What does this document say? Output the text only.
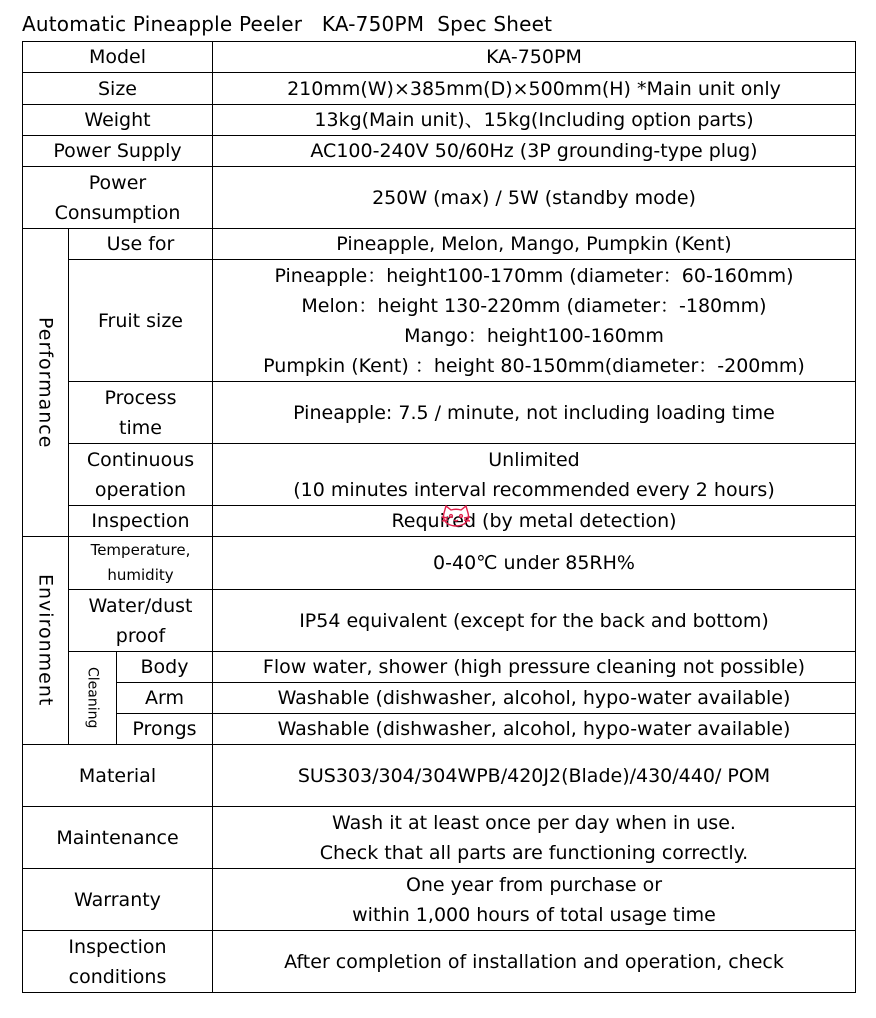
Automatic Pineapple Peeler   KA-750PM  Spec Sheet
Model			KA-750PM
Size			210mm(W)×385mm(D)×500mm(H) *Main unit only
Weight			13kg(Main unit)、15kg(Including option parts)
Power Supply			AC100-240V 50/60Hz (3P grounding-type plug)

Power
Consumption			250W (max) / 5W (standby mode)
Performance	Use for		Pineapple, Melon, Mango, Pumpkin (Kent)
	Fruit size		Pineapple：height100-170mm (diameter：60-160mm)
Melon：height 130-220mm (diameter：-180mm)
Mango：height100-160mm
Pumpkin (Kent) ：height 80-150mm(diameter：-200mm)

	Process
time		Pineapple: 7.5 / minute, not including loading time

	Continuous
operation		Unlimited
(10 minutes interval recommended every 2 hours)

	Inspection		Required (by metal detection)
Environment	Temperature,
humidity		0-40℃ under 85RH%

	Water/dust
proof		IP54 equivalent (except for the back and bottom)
	Cleaning	Body	Flow water, shower (high pressure cleaning not possible)
		Arm	Washable (dishwasher, alcohol, hypo-water available)
		Prongs	Washable (dishwasher, alcohol, hypo-water available)
Material			SUS303/304/304WPB/420J2(Blade)/430/440/ POM
Maintenance			Wash it at least once per day when in use.
Check that all parts are functioning correctly.

Warranty			One year from purchase or
within 1,000 hours of total usage time

Inspection
conditions			After completion of installation and operation, check
